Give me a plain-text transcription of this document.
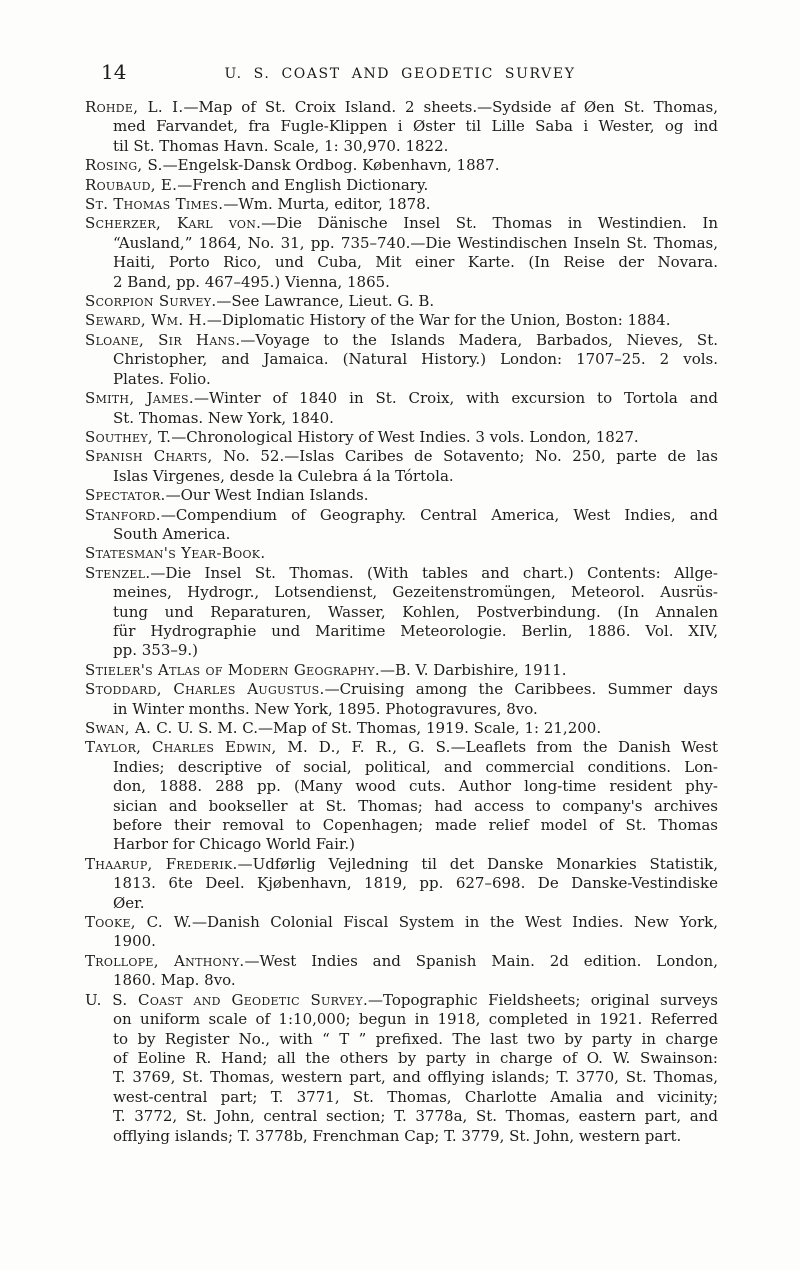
14	U. S. COAST AND GEODETIC SURVEY
Rohde, L. I.—Map of St. Croix Island. 2 sheets.—Sydside af Øen St. Thomas,
med Farvandet, fra Fugle-Klippen i Øster til Lille Saba i Wester, og ind
til St. Thomas Havn. Scale, 1: 30,970. 1822.
Rosing, S.—Engelsk-Dansk Ordbog. København, 1887.
Roubaud, E.—French and English Dictionary.
St. Thomas Times.—Wm. Murta, editor, 1878.
Scherzer, Karl von.—Die Dänische Insel St. Thomas in Westindien. In
“Ausland,” 1864, No. 31, pp. 735–740.—Die Westindischen Inseln St. Thomas,
Haiti, Porto Rico, und Cuba, Mit einer Karte. (In Reise der Novara.
2 Band, pp. 467–495.) Vienna, 1865.
Scorpion Survey.—See Lawrance, Lieut. G. B.
Seward, Wm. H.—Diplomatic History of the War for the Union, Boston: 1884.
Sloane, Sir Hans.—Voyage to the Islands Madera, Barbados, Nieves, St.
Christopher, and Jamaica. (Natural History.) London: 1707–25. 2 vols.
Plates. Folio.
Smith, James.—Winter of 1840 in St. Croix, with excursion to Tortola and
St. Thomas. New York, 1840.
Southey, T.—Chronological History of West Indies. 3 vols. London, 1827.
Spanish Charts, No. 52.—Islas Caribes de Sotavento; No. 250, parte de las
Islas Virgenes, desde la Culebra á la Tórtola.
Spectator.—Our West Indian Islands.
Stanford.—Compendium of Geography. Central America, West Indies, and
South America.
Statesman's Year-Book.
Stenzel.—Die Insel St. Thomas. (With tables and chart.) Contents: Allge-
meines, Hydrogr., Lotsendienst, Gezeitenstromüngen, Meteorol. Ausrüs-
tung und Reparaturen, Wasser, Kohlen, Postverbindung. (In Annalen
für Hydrographie und Maritime Meteorologie. Berlin, 1886. Vol. XIV,
pp. 353–9.)
Stieler's Atlas of Modern Geography.—B. V. Darbishire, 1911.
Stoddard, Charles Augustus.—Cruising among the Caribbees. Summer days
in Winter months. New York, 1895. Photogravures, 8vo.
Swan, A. C. U. S. M. C.—Map of St. Thomas, 1919. Scale, 1: 21,200.
Taylor, Charles Edwin, M. D., F. R., G. S.—Leaflets from the Danish West
Indies; descriptive of social, political, and commercial conditions. Lon-
don, 1888. 288 pp. (Many wood cuts. Author long-time resident phy-
sician and bookseller at St. Thomas; had access to company's archives
before their removal to Copenhagen; made relief model of St. Thomas
Harbor for Chicago World Fair.)
Thaarup, Frederik.—Udførlig Vejledning til det Danske Monarkies Statistik,
1813. 6te Deel. Kjøbenhavn, 1819, pp. 627–698. De Danske-Vestindiske
Øer.
Tooke, C. W.—Danish Colonial Fiscal System in the West Indies. New York,
1900.
Trollope, Anthony.—West Indies and Spanish Main. 2d edition. London,
1860. Map. 8vo.
U. S. Coast and Geodetic Survey.—Topographic Fieldsheets; original surveys
on uniform scale of 1:10,000; begun in 1918, completed in 1921. Referred
to by Register No., with “ T ” prefixed. The last two by party in charge
of Eoline R. Hand; all the others by party in charge of O. W. Swainson:
T. 3769, St. Thomas, western part, and offlying islands; T. 3770, St. Thomas,
west-central part; T. 3771, St. Thomas, Charlotte Amalia and vicinity;
T. 3772, St. John, central section; T. 3778a, St. Thomas, eastern part, and
offlying islands; T. 3778b, Frenchman Cap; T. 3779, St. John, western part.
